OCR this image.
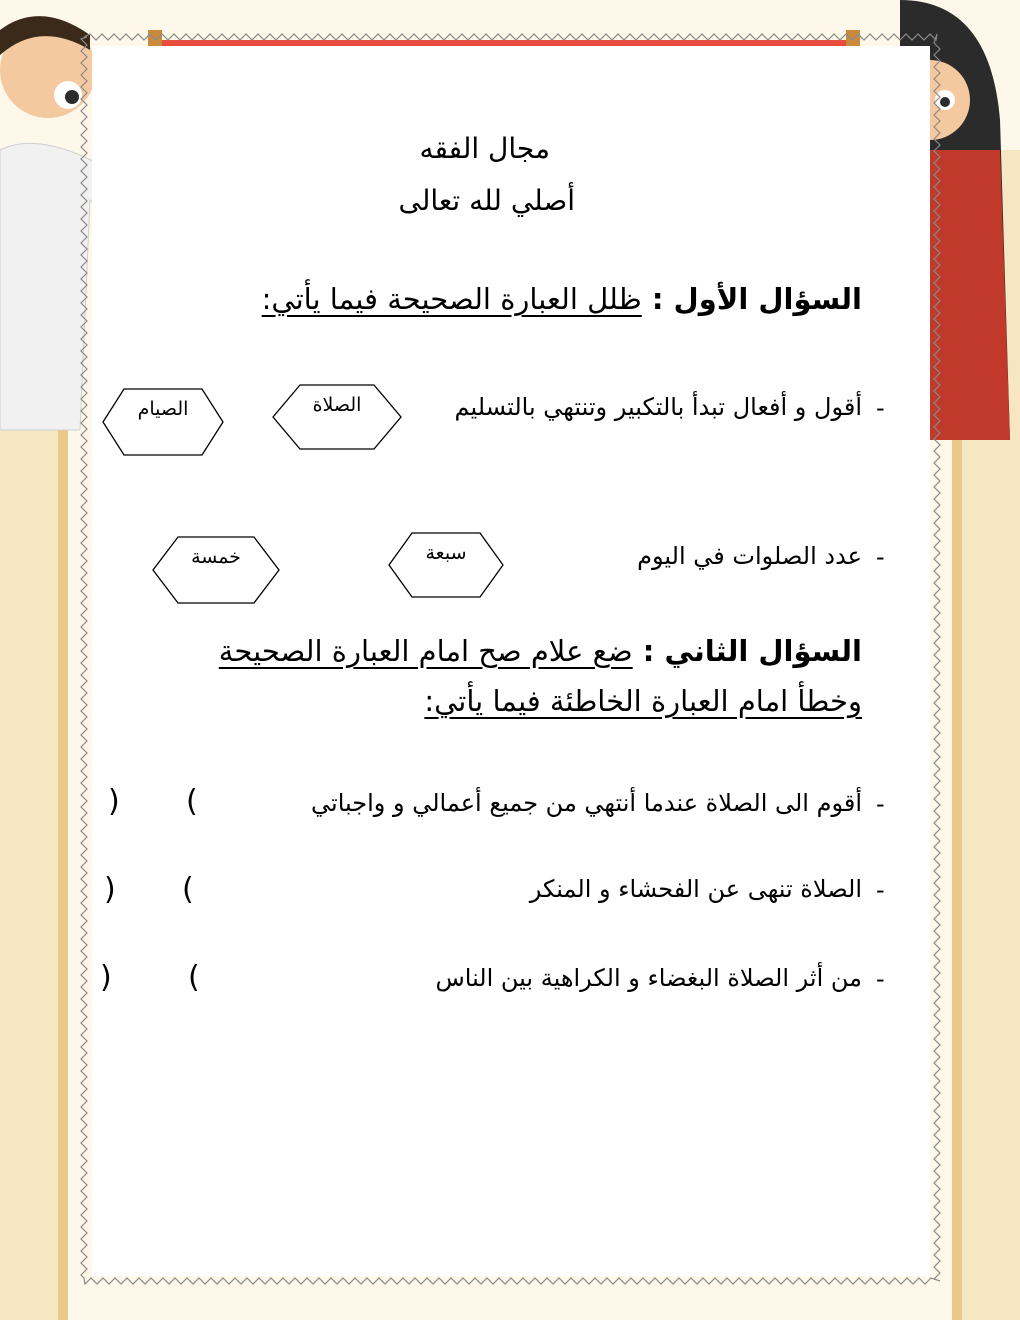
مجال الفقه
أصلي لله تعالى
السؤال الأول : ظلل العبارة الصحيحة فيما يأتي:
-
أقول و أفعال تبدأ بالتكبير وتنتهي بالتسليم
الصلاة
الصيام
-
عدد الصلوات في اليوم
سبعة
خمسة
السؤال الثاني : ضع علام صح امام العبارة الصحيحة
وخطأ امام العبارة الخاطئة فيما يأتي:
-
أقوم الى الصلاة عندما أنتهي من جميع أعمالي و واجباتي
(
)
-
الصلاة تنهى عن الفحشاء و المنكر
(
)
-
من أثر الصلاة البغضاء و الكراهية بين الناس
(
)
